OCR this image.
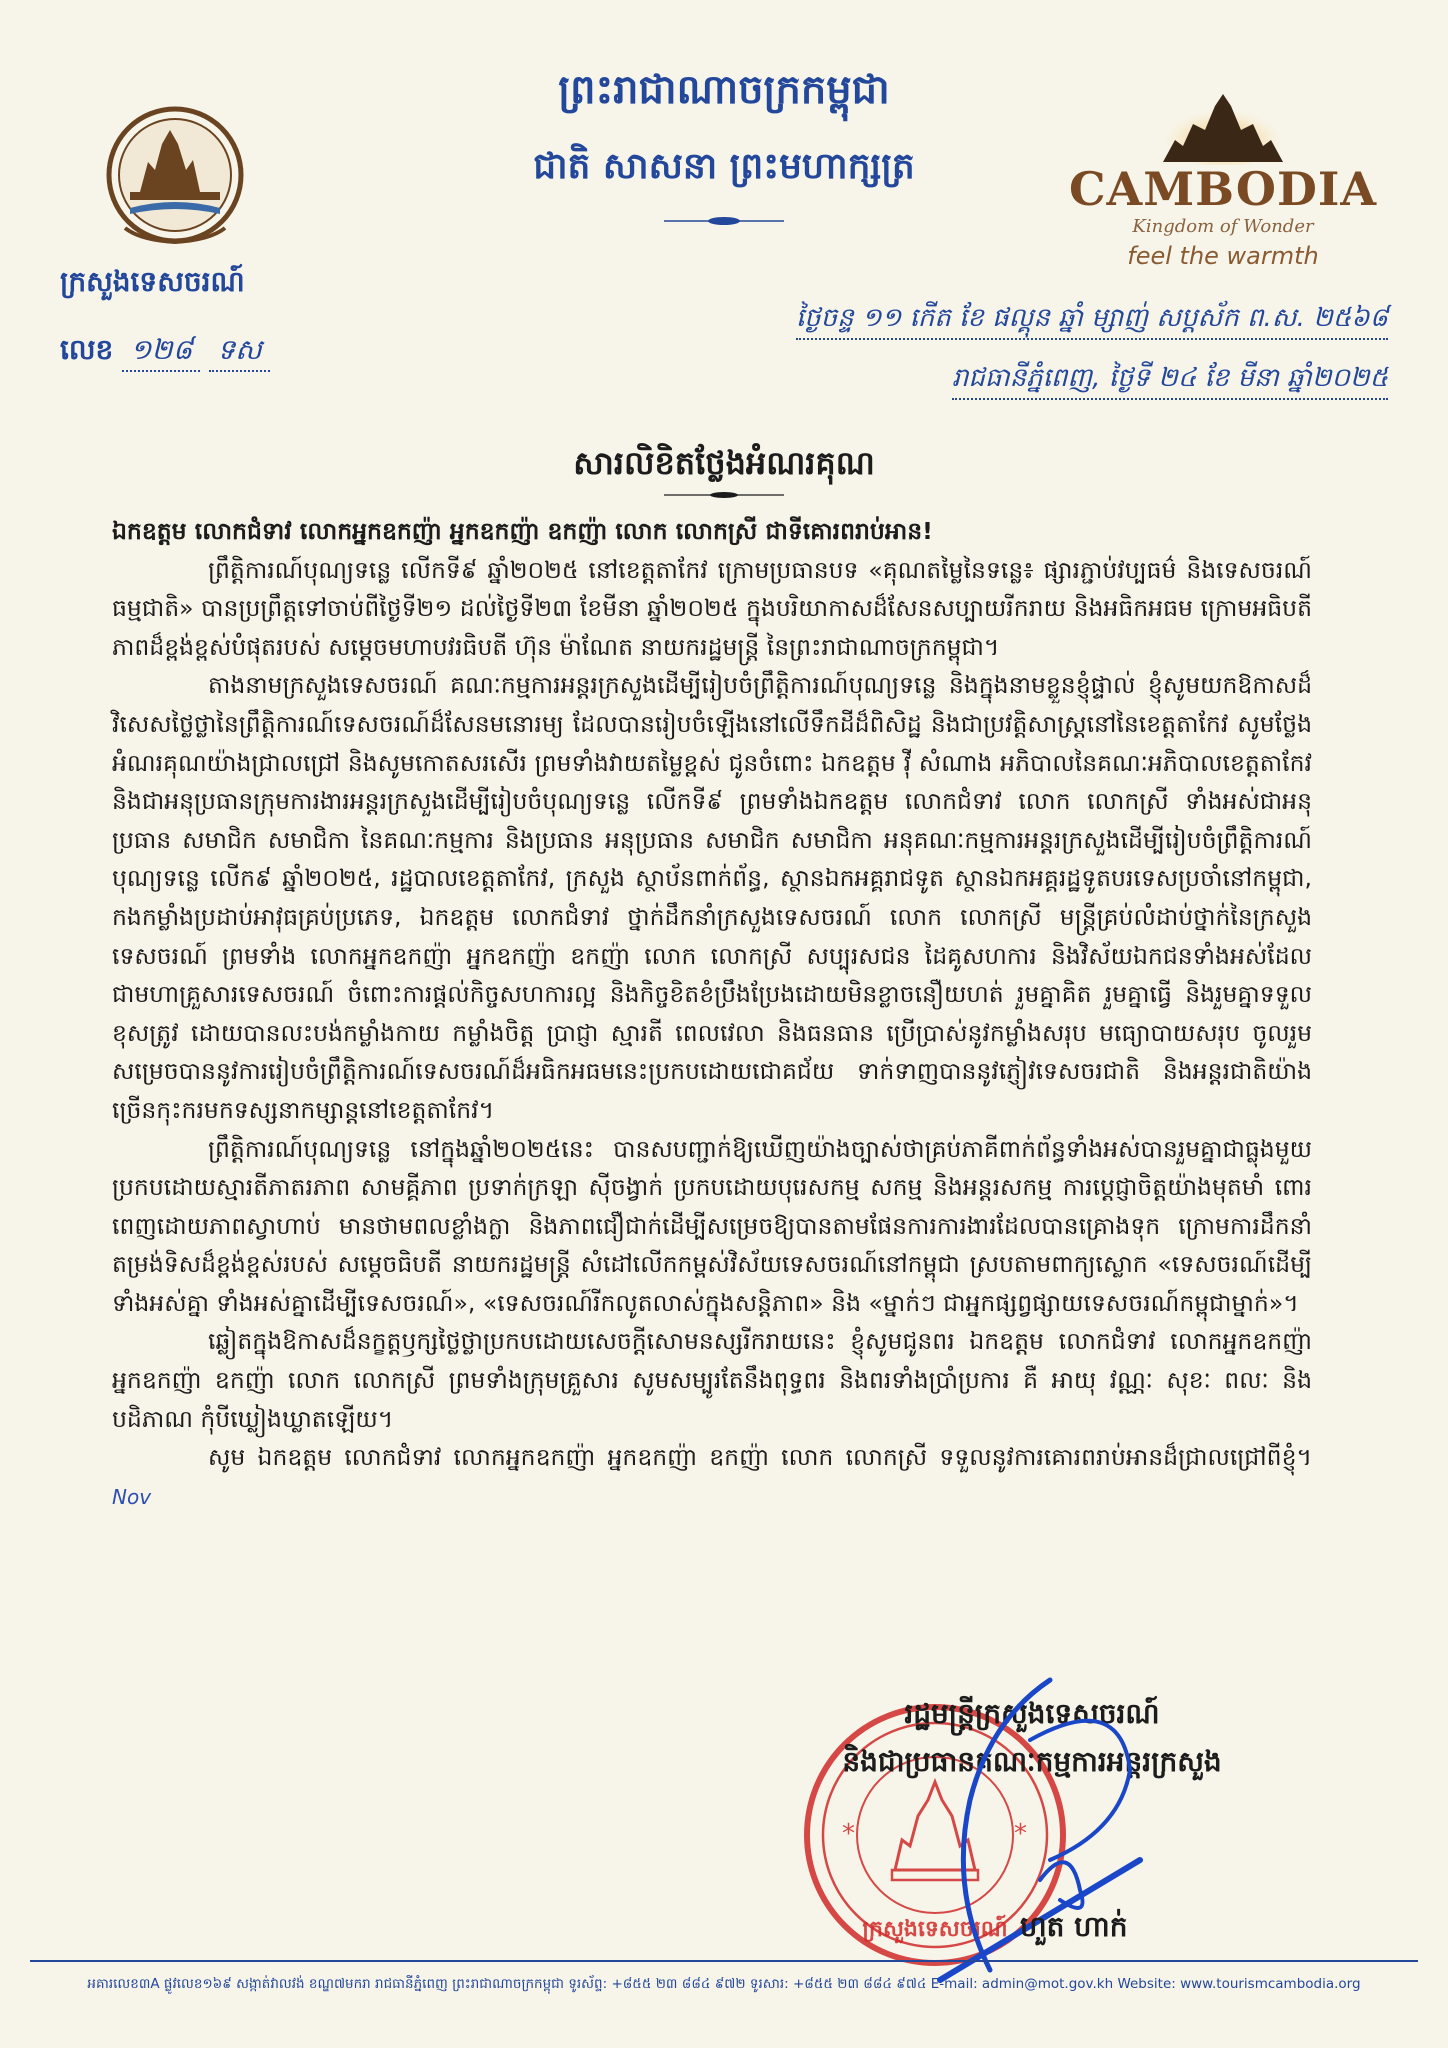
ព្រះរាជាណាចក្រកម្ពុជា
ជាតិ សាសនា ព្រះមហាក្សត្រ	CAMBODIA
Kingdom of Wonder
feel the warmth
ក្រសួងទេសចរណ៍
លេខ ១២៨ ទស
ថ្ងៃចន្ទ ១១ កើត ខែ ផល្គុន ឆ្នាំ ម្សាញ់ សប្តស័ក ព.ស. ២៥៦៨
រាជធានីភ្នំពេញ, ថ្ងៃទី ២៤ ខែ មីនា ឆ្នាំ២០២៥
សារលិខិតថ្លែងអំណរគុណ

ឯកឧត្តម លោកជំទាវ លោកអ្នកឧកញ៉ា អ្នកឧកញ៉ា ឧកញ៉ា លោក លោកស្រី ជាទីគោរពរាប់អាន!

ព្រឹត្តិការណ៍បុណ្យទន្លេ លើកទី៩ ឆ្នាំ២០២៥ នៅខេត្តតាកែវ ក្រោមប្រធានបទ «គុណតម្លៃនៃទន្លេ៖ ផ្សារភ្ជាប់វប្បធម៌ និងទេសចរណ៍ធម្មជាតិ» បានប្រព្រឹត្តទៅចាប់ពីថ្ងៃទី២១ ដល់ថ្ងៃទី២៣ ខែមីនា ឆ្នាំ២០២៥ ក្នុងបរិយាកាសដ៏សែនសប្បាយរីករាយ និងអធិកអធម ក្រោមអធិបតីភាពដ៏ខ្ពង់ខ្ពស់បំផុតរបស់ សម្តេចមហាបវរធិបតី ហ៊ុន ម៉ាណែត នាយករដ្ឋមន្ត្រី នៃព្រះរាជាណាចក្រកម្ពុជា។

តាងនាមក្រសួងទេសចរណ៍ គណៈកម្មការអន្តរក្រសួងដើម្បីរៀបចំព្រឹត្តិការណ៍បុណ្យទន្លេ និងក្នុងនាមខ្លួនខ្ញុំផ្ទាល់ ខ្ញុំសូមយកឱកាសដ៏វិសេសថ្លៃថ្លានៃព្រឹត្តិការណ៍ទេសចរណ៍ដ៏សែនមនោរម្យ ដែលបានរៀបចំឡើងនៅលើទឹកដីដ៏ពិសិដ្ឋ និងជាប្រវត្តិសាស្ត្រនៅនៃខេត្តតាកែវ សូមថ្លែងអំណរគុណយ៉ាងជ្រាលជ្រៅ និងសូមកោតសរសើរ ព្រមទាំងវាយតម្លៃខ្ពស់ ជូនចំពោះ ឯកឧត្តម វ៉ី សំណាង អភិបាលនៃគណៈអភិបាលខេត្តតាកែវ និងជាអនុប្រធានក្រុមការងារអន្តរក្រសួងដើម្បីរៀបចំបុណ្យទន្លេ លើកទី៩ ព្រមទាំងឯកឧត្តម លោកជំទាវ លោក លោកស្រី ទាំងអស់ជាអនុប្រធាន សមាជិក សមាជិកា នៃគណៈកម្មការ និងប្រធាន អនុប្រធាន សមាជិក សមាជិកា អនុគណៈកម្មការអន្តរក្រសួងដើម្បីរៀបចំព្រឹត្តិការណ៍បុណ្យទន្លេ លើក៩ ឆ្នាំ២០២៥, រដ្ឋបាលខេត្តតាកែវ, ក្រសួង ស្ថាប័នពាក់ព័ន្ធ, ស្ថានឯកអគ្គរាជទូត ស្ថានឯកអគ្គរដ្ឋទូតបរទេសប្រចាំនៅកម្ពុជា, កងកម្លាំងប្រដាប់អាវុធគ្រប់ប្រភេទ, ឯកឧត្តម លោកជំទាវ ថ្នាក់ដឹកនាំក្រសួងទេសចរណ៍ លោក លោកស្រី មន្ត្រីគ្រប់លំដាប់ថ្នាក់នៃក្រសួងទេសចរណ៍ ព្រមទាំង លោកអ្នកឧកញ៉ា អ្នកឧកញ៉ា ឧកញ៉ា លោក លោកស្រី សប្បុរសជន ដៃគូសហការ និងវិស័យឯកជនទាំងអស់ដែលជាមហាគ្រួសារទេសចរណ៍ ចំពោះការផ្តល់កិច្ចសហការល្អ និងកិច្ចខិតខំប្រឹងប្រែងដោយមិនខ្លាចនឿយហត់ រួមគ្នាគិត រួមគ្នាធ្វើ និងរួមគ្នាទទួលខុសត្រូវ ដោយបានលះបង់កម្លាំងកាយ កម្លាំងចិត្ត ប្រាជ្ញា ស្មារតី ពេលវេលា និងធនធាន ប្រើប្រាស់នូវកម្លាំងសរុប មធ្យោបាយសរុប ចូលរួមសម្រេចបាននូវការរៀបចំព្រឹត្តិការណ៍ទេសចរណ៍ដ៏អធិកអធមនេះប្រកបដោយជោគជ័យ ទាក់ទាញបាននូវភ្ញៀវទេសចរជាតិ និងអន្តរជាតិយ៉ាងច្រើនកុះករមកទស្សនាកម្សាន្តនៅខេត្តតាកែវ។

ព្រឹត្តិការណ៍បុណ្យទន្លេ នៅក្នុងឆ្នាំ២០២៥នេះ បានសបញ្ជាក់ឱ្យឃើញយ៉ាងច្បាស់ថាគ្រប់ភាគីពាក់ព័ន្ធទាំងអស់បានរួមគ្នាជាធ្លុងមួយប្រកបដោយស្មារតីភាតរភាព សាមគ្គីភាព ប្រទាក់ក្រឡា ស៊ីចង្វាក់ ប្រកបដោយបុរេសកម្ម សកម្ម និងអន្តរសកម្ម ការប្តេជ្ញាចិត្តយ៉ាងមុតមាំ ពោរពេញដោយភាពស្វាហាប់ មានថាមពលខ្លាំងក្លា និងភាពជឿជាក់ដើម្បីសម្រេចឱ្យបានតាមផែនការការងារដែលបានគ្រោងទុក ក្រោមការដឹកនាំតម្រង់ទិសដ៏ខ្ពង់ខ្ពស់របស់ សម្តេចធិបតី នាយករដ្ឋមន្ត្រី សំដៅលើកកម្ពស់វិស័យទេសចរណ៍នៅកម្ពុជា ស្របតាមពាក្យស្លោក «ទេសចរណ៍ដើម្បីទាំងអស់គ្នា ទាំងអស់គ្នាដើម្បីទេសចរណ៍», «ទេសចរណ៍រីកលូតលាស់ក្នុងសន្តិភាព» និង «ម្នាក់ៗ ជាអ្នកផ្សព្វផ្សាយទេសចរណ៍កម្ពុជាម្នាក់»។

ឆ្លៀតក្នុងឱកាសដ៏នក្ខត្តឫក្សថ្លៃថ្លាប្រកបដោយសេចក្តីសោមនស្សរីករាយនេះ ខ្ញុំសូមជូនពរ ឯកឧត្តម លោកជំទាវ លោកអ្នកឧកញ៉ា អ្នកឧកញ៉ា ឧកញ៉ា លោក លោកស្រី ព្រមទាំងក្រុមគ្រួសារ សូមសម្បូរតែនឹងពុទ្ធពរ និងពរទាំងប្រាំប្រការ គឺ អាយុ វណ្ណៈ សុខៈ ពលៈ និងបដិភាណ កុំបីឃ្លៀងឃ្លាតឡើយ។

សូម ឯកឧត្តម លោកជំទាវ លោកអ្នកឧកញ៉ា អ្នកឧកញ៉ា ឧកញ៉ា លោក លោកស្រី ទទួលនូវការគោរពរាប់អានដ៏ជ្រាលជ្រៅពីខ្ញុំ។ Nov

*	*
ក្រសួងទេសចរណ៍
រដ្ឋមន្ត្រីក្រសួងទេសចរណ៍
និងជាប្រធានគណៈកម្មការអន្តរក្រសួង
ហួត ហាក់
អគារលេខ៣A ផ្លូវលេខ១៦៩ សង្កាត់វាលវង់ ខណ្ឌ៧មករា រាជធានីភ្នំពេញ ព្រះរាជាណាចក្រកម្ពុជា ទូរស័ព្ទ: +៨៥៥ ២៣ ៨៨៤ ៩៧២ ទូរសារ: +៨៥៥ ២៣ ៨៨៤ ៩៧៤ E-mail: admin@mot.gov.kh Website: www.tourismcambodia.org
